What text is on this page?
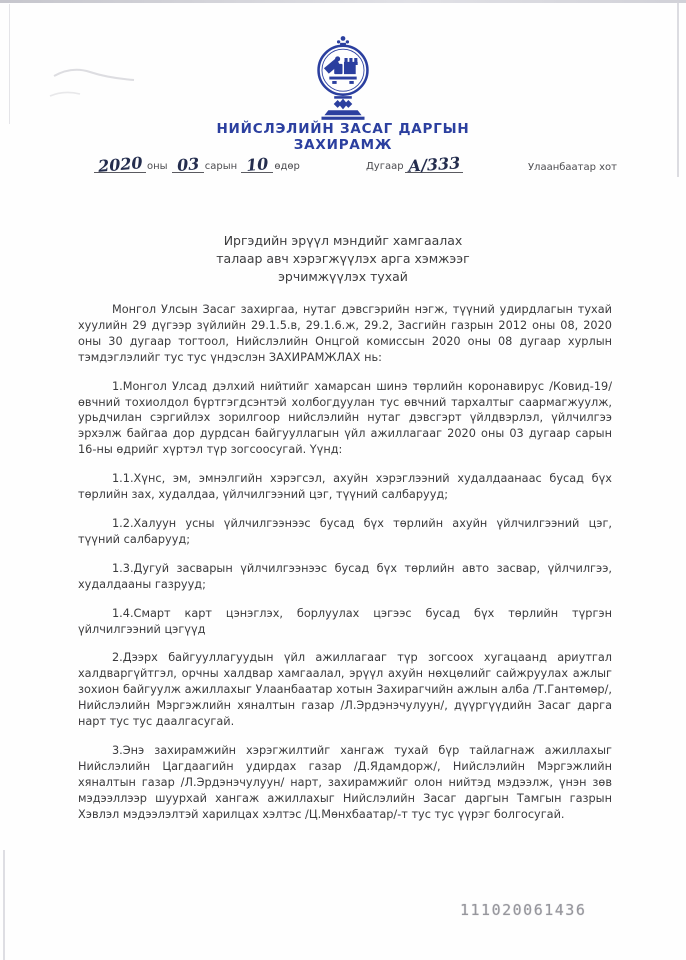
НИЙСЛЭЛИЙН ЗАСАГ ДАРГЫН
ЗАХИРАМЖ
2020 оны 03 сарын 10 өдөр	Дугаар А/333	Улаанбаатар хот
Иргэдийн эрүүл мэндийг хамгаалах
талаар авч хэрэгжүүлэх арга хэмжээг
эрчимжүүлэх тухай

Монгол Улсын Засаг захиргаа, нутаг дэвсгэрийн нэгж, түүний удирдлагын тухай хуулийн 29 дүгээр зүйлийн 29.1.5.в, 29.1.6.ж, 29.2, Засгийн газрын 2012 оны 08, 2020 оны 30 дугаар тогтоол, Нийслэлийн Онцгой комиссын 2020 оны 08 дугаар хурлын тэмдэглэлийг тус тус үндэслэн ЗАХИРАМЖЛАХ нь:

1.Монгол Улсад дэлхий нийтийг хамарсан шинэ төрлийн коронавирус /Ковид-19/ өвчний тохиолдол бүртгэгдсэнтэй холбогдуулан тус өвчний тархалтыг саармагжуулж, урьдчилан сэргийлэх зорилгоор нийслэлийн нутаг дэвсгэрт үйлдвэрлэл, үйлчилгээ эрхэлж байгаа дор дурдсан байгууллагын үйл ажиллагааг 2020 оны 03 дугаар сарын 16-ны өдрийг хүртэл түр зогсоосугай. Үүнд:

1.1.Хүнс, эм, эмнэлгийн хэрэгсэл, ахуйн хэрэглээний худалдаанаас бусад бүх төрлийн зах, худалдаа, үйлчилгээний цэг, түүний салбарууд;

1.2.Халуун усны үйлчилгээнээс бусад бүх төрлийн ахуйн үйлчилгээний цэг, түүний салбарууд;

1.3.Дугуй засварын үйлчилгээнээс бусад бүх төрлийн авто засвар, үйлчилгээ, худалдааны газрууд;

1.4.Смарт карт цэнэглэх, борлуулах цэгээс бусад бүх төрлийн түргэн үйлчилгээний цэгүүд

2.Дээрх байгууллагуудын үйл ажиллагааг түр зогсоох хугацаанд ариутгал халдваргүйтгэл, орчны халдвар хамгаалал, эрүүл ахуйн нөхцөлийг сайжруулах ажлыг зохион байгуулж ажиллахыг Улаанбаатар хотын Захирагчийн ажлын алба /Т.Гантөмөр/, Нийслэлийн Мэргэжлийн хяналтын газар /Л.Эрдэнэчулуун/, дүүргүүдийн Засаг дарга нарт тус тус даалгасугай.

3.Энэ захирамжийн хэрэгжилтийг хангаж тухай бүр тайлагнаж ажиллахыг Нийслэлийн Цагдаагийн удирдах газар /Д.Ядамдорж/, Нийслэлийн Мэргэжлийн хяналтын газар /Л.Эрдэнэчулуун/ нарт, захирамжийг олон нийтэд мэдээлж, үнэн зөв мэдээллээр шуурхай хангаж ажиллахыг Нийслэлийн Засаг даргын Тамгын газрын Хэвлэл мэдээлэлтэй харилцах хэлтэс /Ц.Мөнхбаатар/-т тус тус үүрэг болгосугай.

111020061436
